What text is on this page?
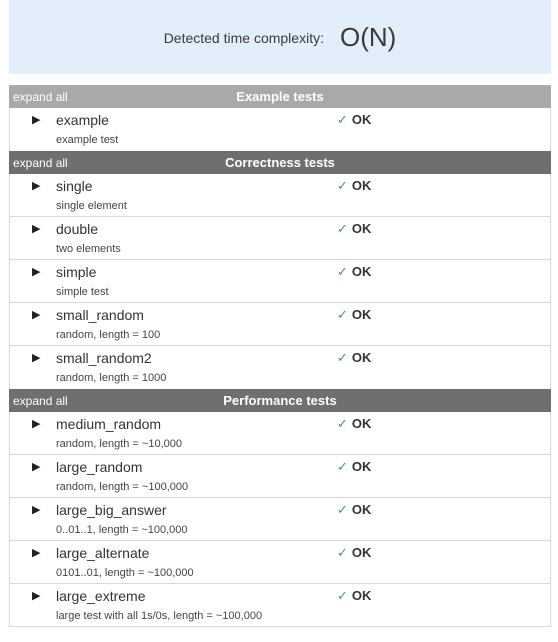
Detected time complexity: O(N)
expand all	Example tests
▶ example
example test
✓ OK
expand all	Correctness tests
▶ single
single element
✓ OK
▶ double
two elements
✓ OK
▶ simple
simple test
✓ OK
▶ small_random
random, length = 100
✓ OK
▶ small_random2
random, length = 1000
✓ OK
expand all	Performance tests
▶ medium_random
random, length = ~10,000
✓ OK
▶ large_random
random, length = ~100,000
✓ OK
▶ large_big_answer
0..01..1, length = ~100,000
✓ OK
▶ large_alternate
0101..01, length = ~100,000
✓ OK
▶ large_extreme
large test with all 1s/0s, length = ~100,000
✓ OK
